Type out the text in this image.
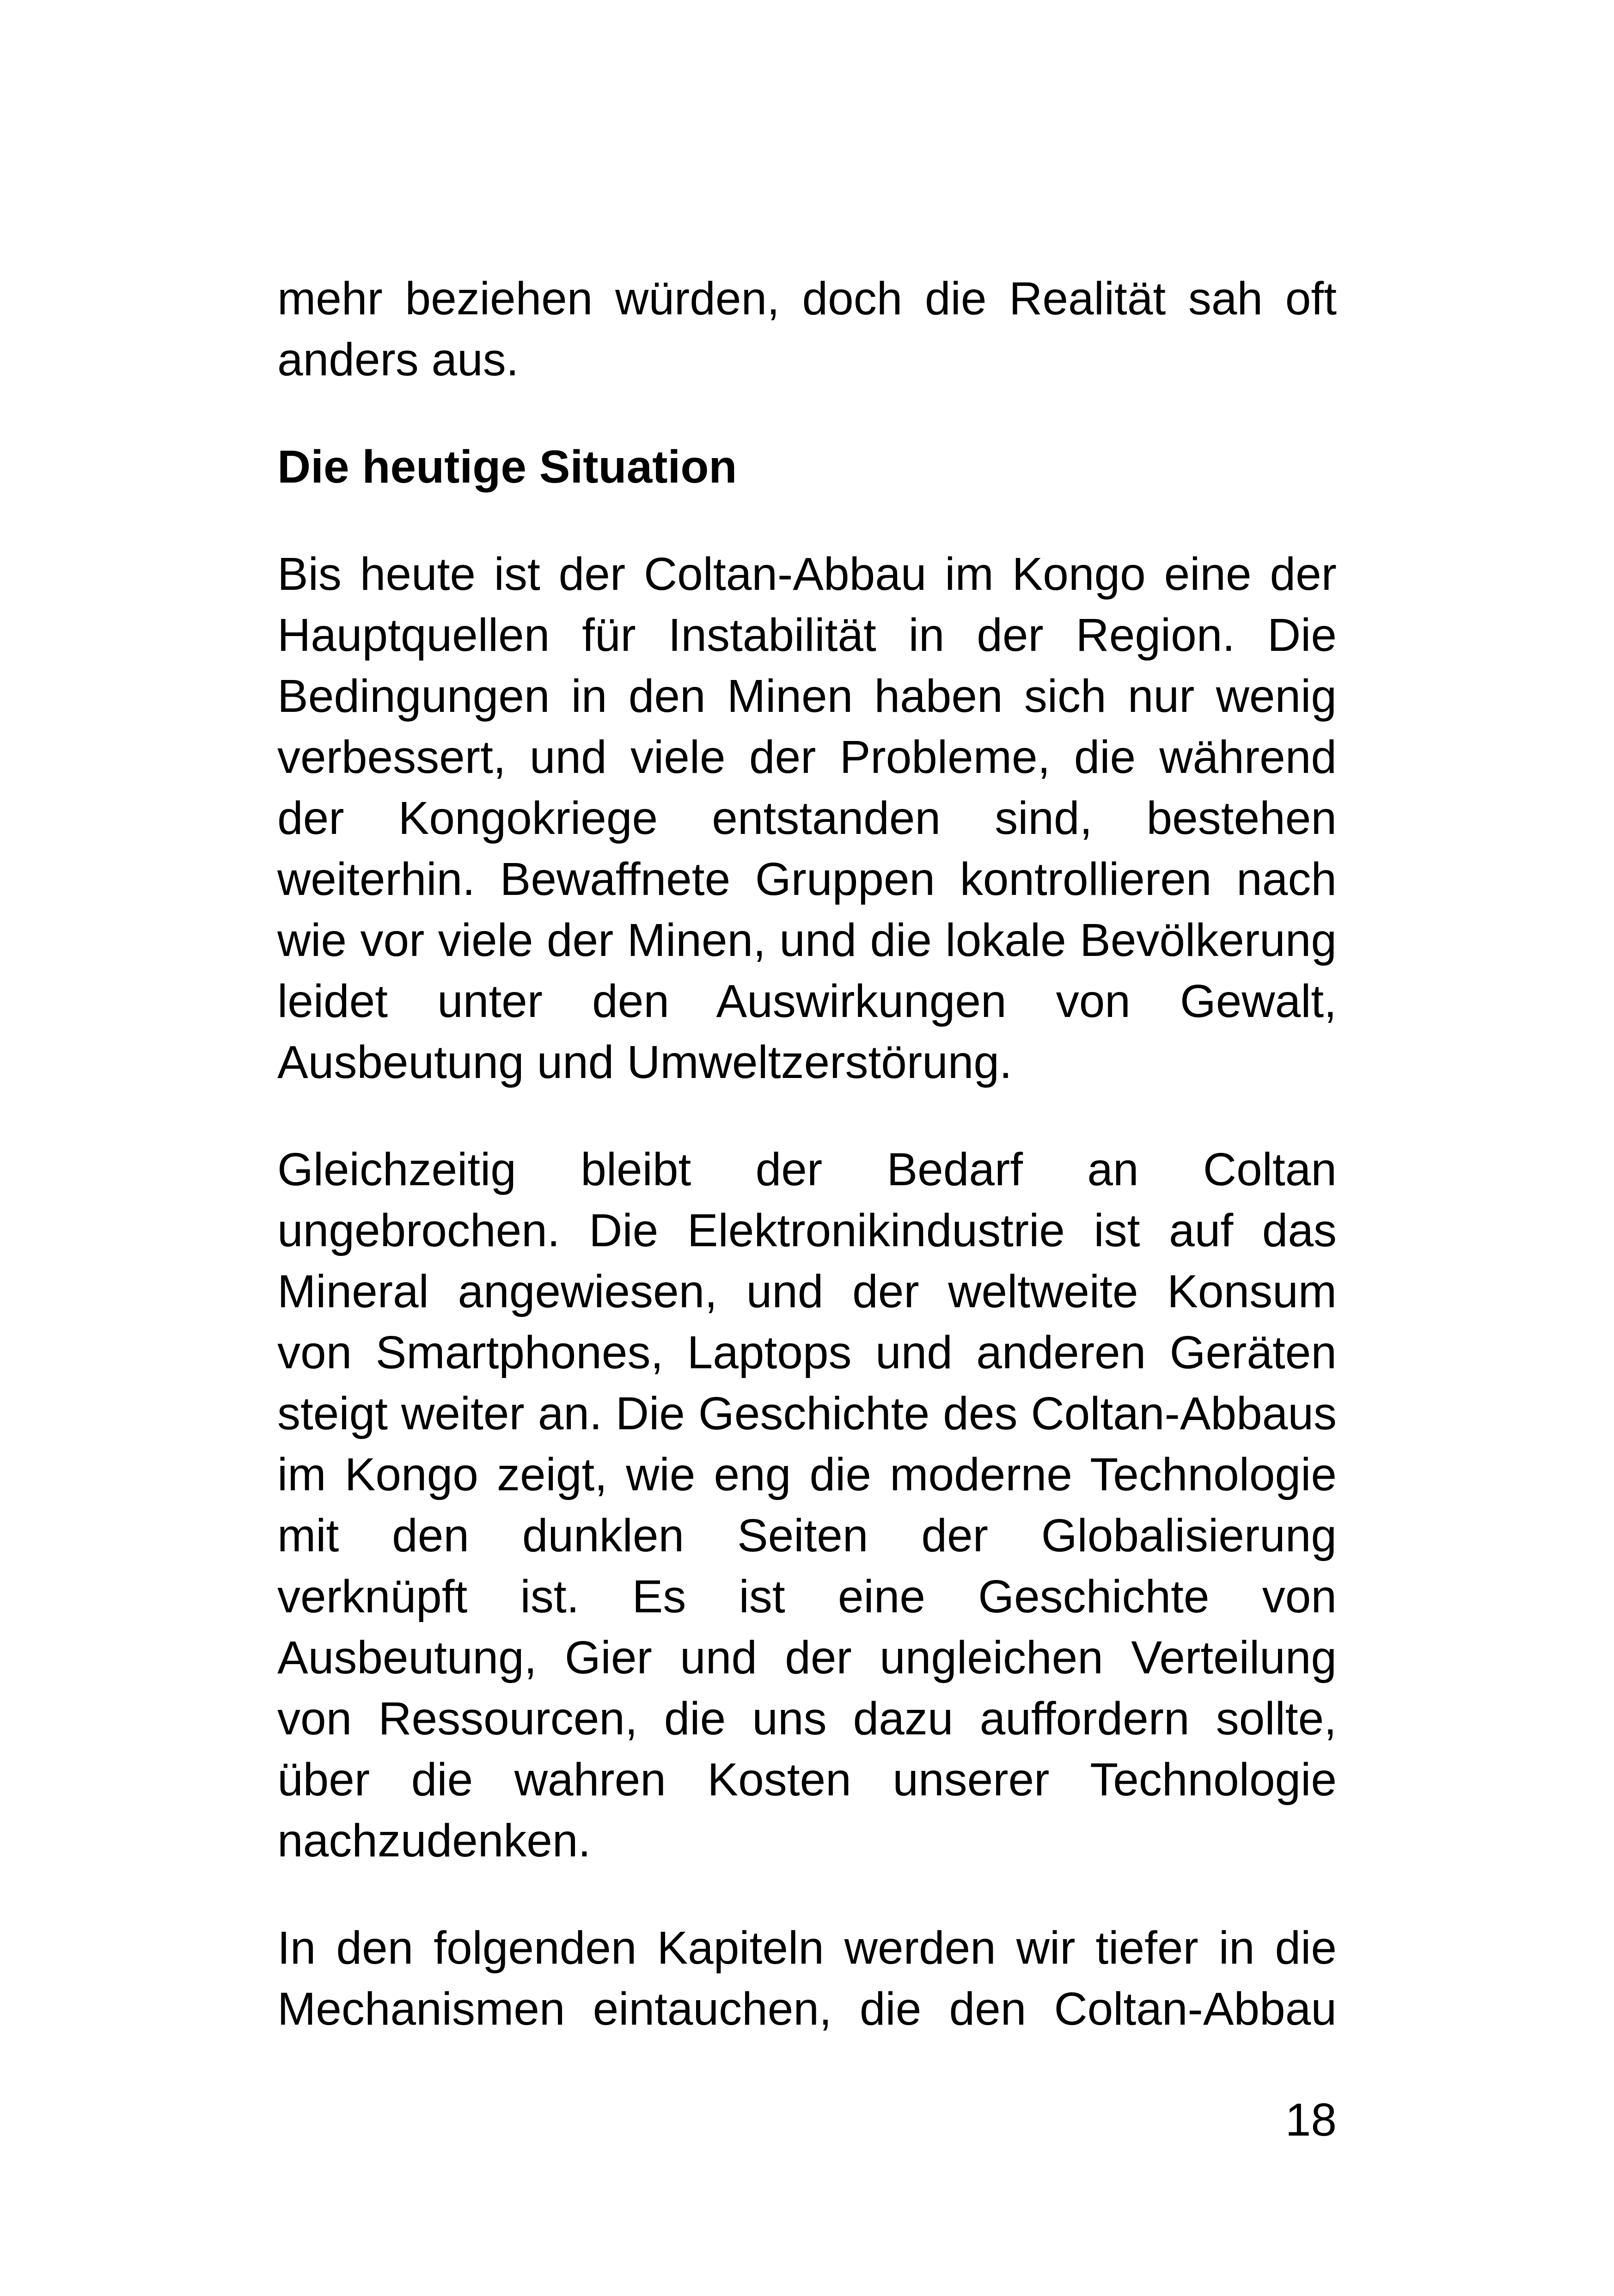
mehr beziehen würden, doch die Realität sah oft anders aus.

Die heutige Situation

Bis heute ist der Coltan-Abbau im Kongo eine der Hauptquellen für Instabilität in der Region. Die Bedingungen in den Minen haben sich nur wenig verbessert, und viele der Probleme, die während der Kongokriege entstanden sind, bestehen weiterhin. Bewaffnete Gruppen kontrollieren nach wie vor viele der Minen, und die lokale Bevölkerung leidet unter den Auswirkungen von Gewalt, Ausbeutung und Umweltzerstörung.

Gleichzeitig bleibt der Bedarf an Coltan ungebrochen. Die Elektronikindustrie ist auf das Mineral angewiesen, und der weltweite Konsum von Smartphones, Laptops und anderen Geräten steigt weiter an. Die Geschichte des Coltan-Abbaus im Kongo zeigt, wie eng die moderne Technologie mit den dunklen Seiten der Globalisierung verknüpft ist. Es ist eine Geschichte von Ausbeutung, Gier und der ungleichen Verteilung von Ressourcen, die uns dazu auffordern sollte, über die wahren Kosten unserer Technologie nachzudenken.

In den folgenden Kapiteln werden wir tiefer in die Mechanismen eintauchen, die den Coltan-Abbau

18
